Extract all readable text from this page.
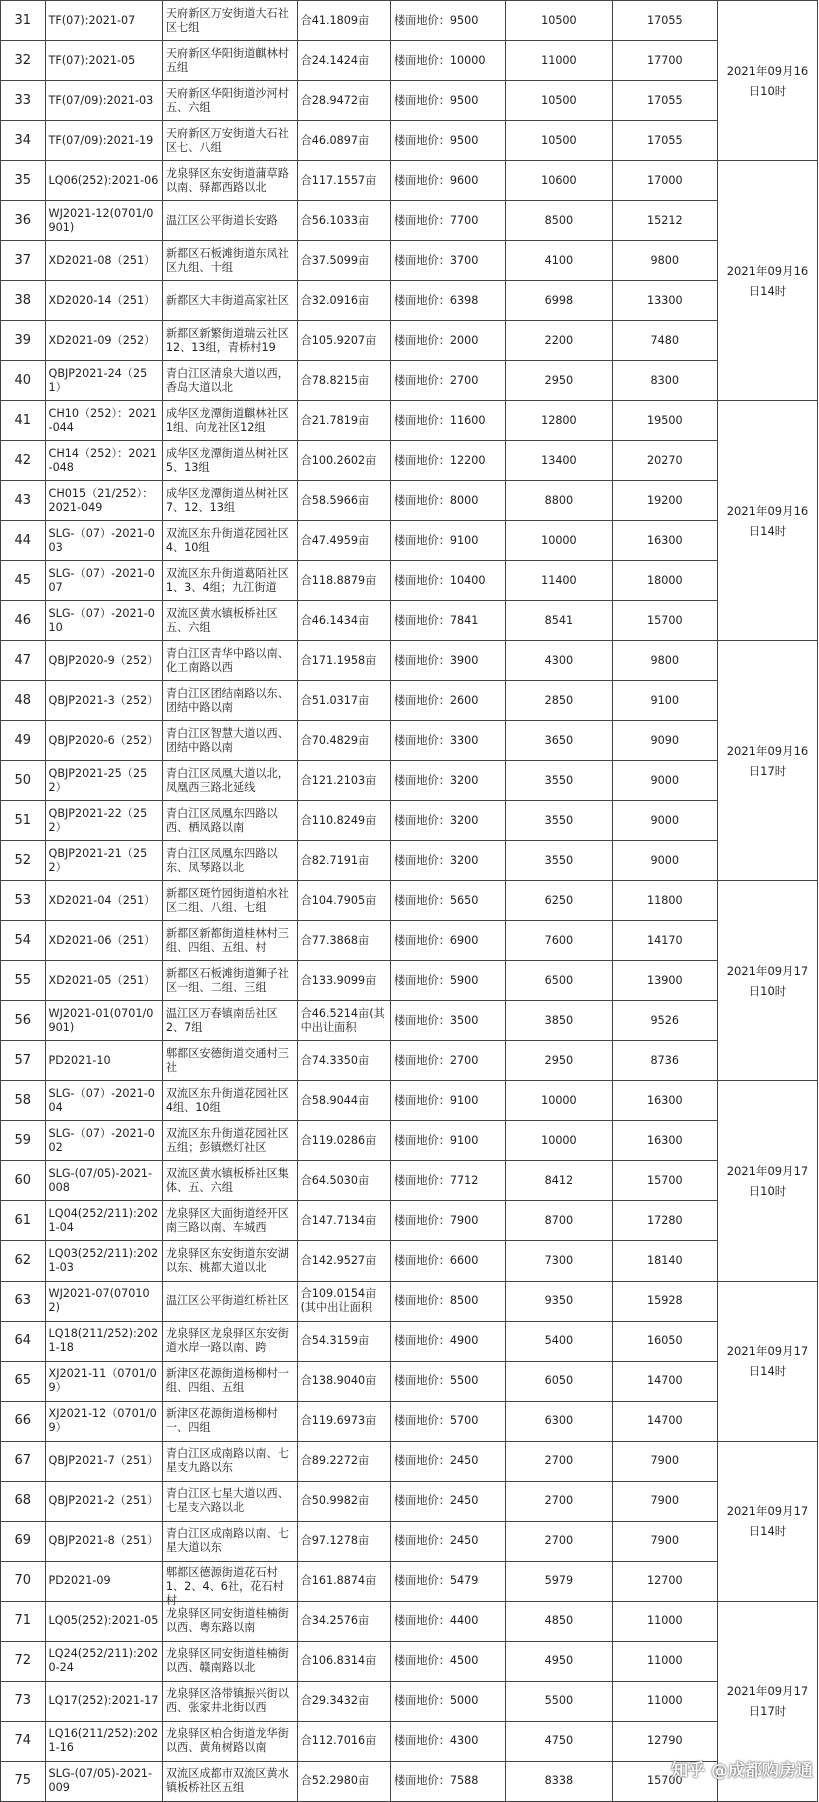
31	TF(07):2021-07	天府新区万安街道大石社区七组	合41.1809亩	楼面地价：9500	10500	17055	2021年09月16日10时

32	TF(07):2021-05	天府新区华阳街道麒林村五组	合24.1424亩	楼面地价：10000	11000	17700	

33	TF(07/09):2021-03	天府新区华阳街道沙河村五、六组	合28.9472亩	楼面地价：9500	10500	17055	

34	TF(07/09):2021-19	天府新区万安街道大石社区七、八组	合46.0897亩	楼面地价：9500	10500	17055	

35	LQ06(252):2021-06	龙泉驿区东安街道蒲草路以南、驿都西路以北	合117.1557亩	楼面地价：9600	10600	17000	2021年09月16日14时

36	WJ2021-12(0701/0901)	温江区公平街道长安路	合56.1033亩	楼面地价：7700	8500	15212	

37	XD2021-08（251）	新都区石板滩街道东凤社区九组、十组	合37.5099亩	楼面地价：3700	4100	9800	

38	XD2020-14（251）	新都区大丰街道高家社区	合32.0916亩	楼面地价：6398	6998	13300	

39	XD2021-09（252）	新都区新繁街道瑞云社区12、13组，青桥村19	合105.9207亩	楼面地价：2000	2200	7480	

40	QBJP2021-24（251）	青白江区清泉大道以西，香岛大道以北	合78.8215亩	楼面地价：2700	2950	8300	

41	CH10（252）：2021-044	成华区龙潭街道麒林社区1组、向龙社区12组	合21.7819亩	楼面地价：11600	12800	19500	2021年09月16日14时

42	CH14（252）：2021-048	成华区龙潭街道丛树社区5、13组	合100.2602亩	楼面地价：12200	13400	20270	

43	CH015（21/252）：2021-049	成华区龙潭街道丛树社区7、12、13组	合58.5966亩	楼面地价：8000	8800	19200	

44	SLG-（07）-2021-003	双流区东升街道花园社区4、10组	合47.4959亩	楼面地价：9100	10000	16300	

45	SLG-（07）-2021-007	双流区东升街道葛陌社区1、3、4组；九江街道	合118.8879亩	楼面地价：10400	11400	18000	

46	SLG-（07）-2021-010	双流区黄水镇板桥社区五、六组	合46.1434亩	楼面地价：7841	8541	15700	

47	QBJP2020-9（252）	青白江区青华中路以南、化工南路以西	合171.1958亩	楼面地价：3900	4300	9800	2021年09月16日17时

48	QBJP2021-3（252）	青白江区团结南路以东、团结中路以南	合51.0317亩	楼面地价：2600	2850	9100	

49	QBJP2020-6（252）	青白江区智慧大道以西、团结中路以南	合70.4829亩	楼面地价：3300	3650	9090	

50	QBJP2021-25（252）	青白江区凤凰大道以北，凤凰西三路北延线	合121.2103亩	楼面地价：3200	3550	9000	

51	QBJP2021-22（252）	青白江区凤凰东四路以西、栖凤路以南	合110.8249亩	楼面地价：3200	3550	9000	

52	QBJP2021-21（252）	青白江区凤凰东四路以东、凤琴路以北	合82.7191亩	楼面地价：3200	3550	9000	

53	XD2021-04（251）	新都区斑竹园街道柏水社区二组、八组、七组	合104.7905亩	楼面地价：5650	6250	11800	2021年09月17日10时

54	XD2021-06（251）	新都区新都街道桂林村三组、四组、五组、村	合77.3868亩	楼面地价：6900	7600	14170	

55	XD2021-05（251）	新都区石板滩街道狮子社区一组、二组、三组	合133.9099亩	楼面地价：5900	6500	13900	

56	WJ2021-01(0701/0901)	温江区万春镇南岳社区2、7组	合46.5214亩(其中出让面积	楼面地价：3500	3850	9526	

57	PD2021-10	郫都区安德街道交通村三社	合74.3350亩	楼面地价：2700	2950	8736	

58	SLG-（07）-2021-004	双流区东升街道花园社区4组、10组	合58.9044亩	楼面地价：9100	10000	16300	2021年09月17日10时

59	SLG-（07）-2021-002	双流区东升街道花园社区五组；彭镇燃灯社区	合119.0286亩	楼面地价：9100	10000	16300	

60	SLG-(07/05)-2021-008	双流区黄水镇板桥社区集体、五、六组	合64.5030亩	楼面地价：7712	8412	15700	

61	LQ04(252/211):2021-04	龙泉驿区大面街道经开区南三路以南、车城西	合147.7134亩	楼面地价：7900	8700	17280	

62	LQ03(252/211):2021-03	龙泉驿区东安街道东安湖以东、桃都大道以北	合142.9527亩	楼面地价：6600	7300	18140	

63	WJ2021-07(070102)	温江区公平街道红桥社区	合109.0154亩(其中出让面积	楼面地价：8500	9350	15928	2021年09月17日14时

64	LQ18(211/252):2021-18	龙泉驿区龙泉驿区东安街道水岸一路以南、跨	合54.3159亩	楼面地价：4900	5400	16050	

65	XJ2021-11（0701/09）	新津区花源街道杨柳村一组、四组、五组	合138.9040亩	楼面地价：5500	6050	14700	

66	XJ2021-12（0701/09）	新津区花源街道杨柳村一、四组	合119.6973亩	楼面地价：5700	6300	14700	

67	QBJP2021-7（251）	青白江区成南路以南、七星支九路以东	合89.2272亩	楼面地价：2450	2700	7900	2021年09月17日14时

68	QBJP2021-2（251）	青白江区七星大道以西、七星支六路以北	合50.9982亩	楼面地价：2450	2700	7900	

69	QBJP2021-8（251）	青白江区成南路以南、七星大道以东	合97.1278亩	楼面地价：2450	2700	7900	

70	PD2021-09	郫都区德源街道花石村1、2、4、6社，花石村村	合161.8874亩	楼面地价：5479	5979	12700	

71	LQ05(252):2021-05	龙泉驿区同安街道桂楠街以西、粤东路以南	合34.2576亩	楼面地价：4400	4850	11000	2021年09月17日17时

72	LQ24(252/211):2020-24	龙泉驿区同安街道桂楠街以西、赣南路以北	合106.8314亩	楼面地价：4500	4950	11000	

73	LQ17(252):2021-17	龙泉驿区洛带镇振兴街以西、张家井北街以西	合29.3432亩	楼面地价：5000	5500	11000	

74	LQ16(211/252):2021-16	龙泉驿区柏合街道龙华街以西、黄角树路以南	合112.7016亩	楼面地价：4300	4750	12790	

75	SLG-(07/05)-2021-009	双流区成都市双流区黄水镇板桥社区五组	合52.2980亩	楼面地价：7588	8338	15700	
知乎 @成都购房通
